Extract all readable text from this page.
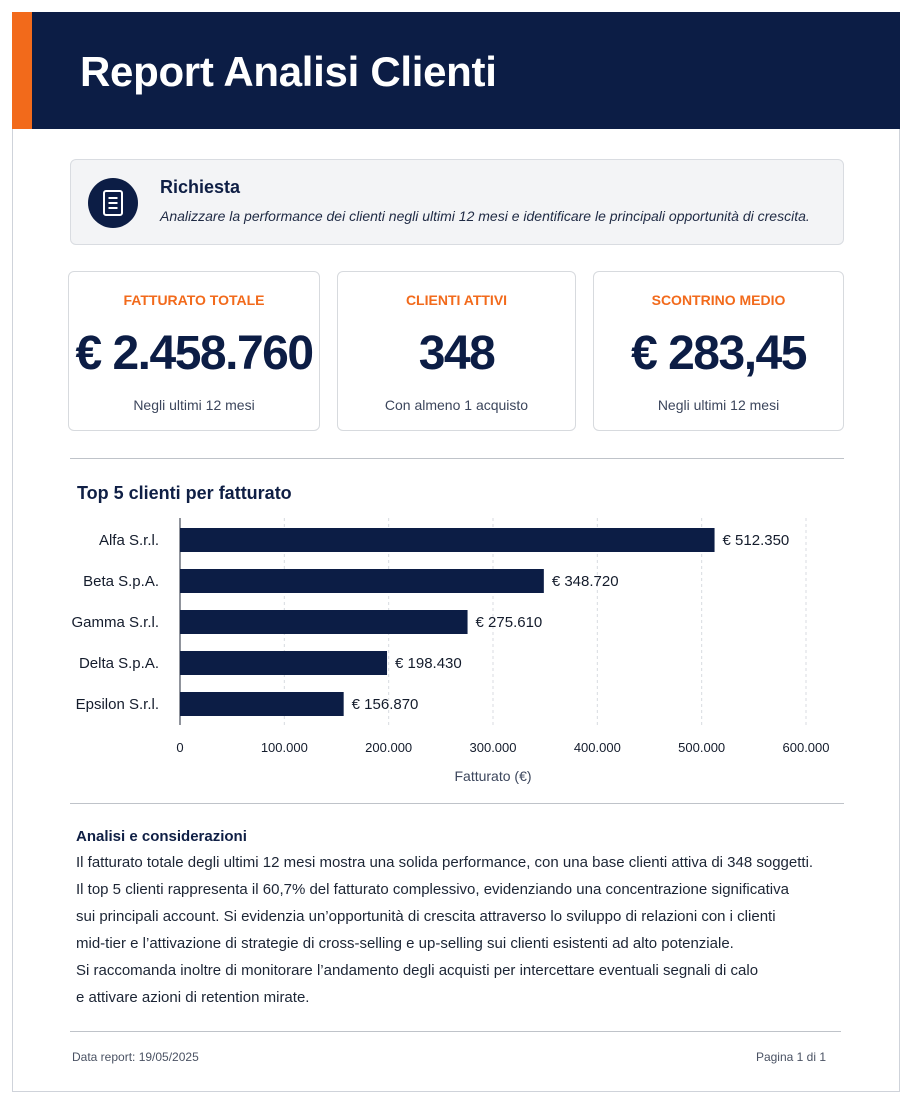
Report Analisi Clienti
Richiesta
Analizzare la performance dei clienti negli ultimi 12 mesi e identificare le principali opportunità di crescita.
FATTURATO TOTALE
€ 2.458.760
Negli ultimi 12 mesi
CLIENTI ATTIVI
348
Con almeno 1 acquisto
SCONTRINO MEDIO
€ 283,45
Negli ultimi 12 mesi
Top 5 clienti per fatturato
Alfa S.r.l.	€ 512.350
Beta S.p.A.	€ 348.720
Gamma S.r.l.	€ 275.610
Delta S.p.A.	€ 198.430
Epsilon S.r.l.	€ 156.870
0	100.000	200.000	300.000	400.000	500.000	600.000
Fatturato (€)
Analisi e considerazioni
Il fatturato totale degli ultimi 12 mesi mostra una solida performance, con una base clienti attiva di 348 soggetti.
Il top 5 clienti rappresenta il 60,7% del fatturato complessivo, evidenziando una concentrazione significativa
sui principali account. Si evidenzia un’opportunità di crescita attraverso lo sviluppo di relazioni con i clienti
mid-tier e l’attivazione di strategie di cross-selling e up-selling sui clienti esistenti ad alto potenziale.
Si raccomanda inoltre di monitorare l’andamento degli acquisti per intercettare eventuali segnali di calo
e attivare azioni di retention mirate.
Data report: 19/05/2025	Pagina 1 di 1
